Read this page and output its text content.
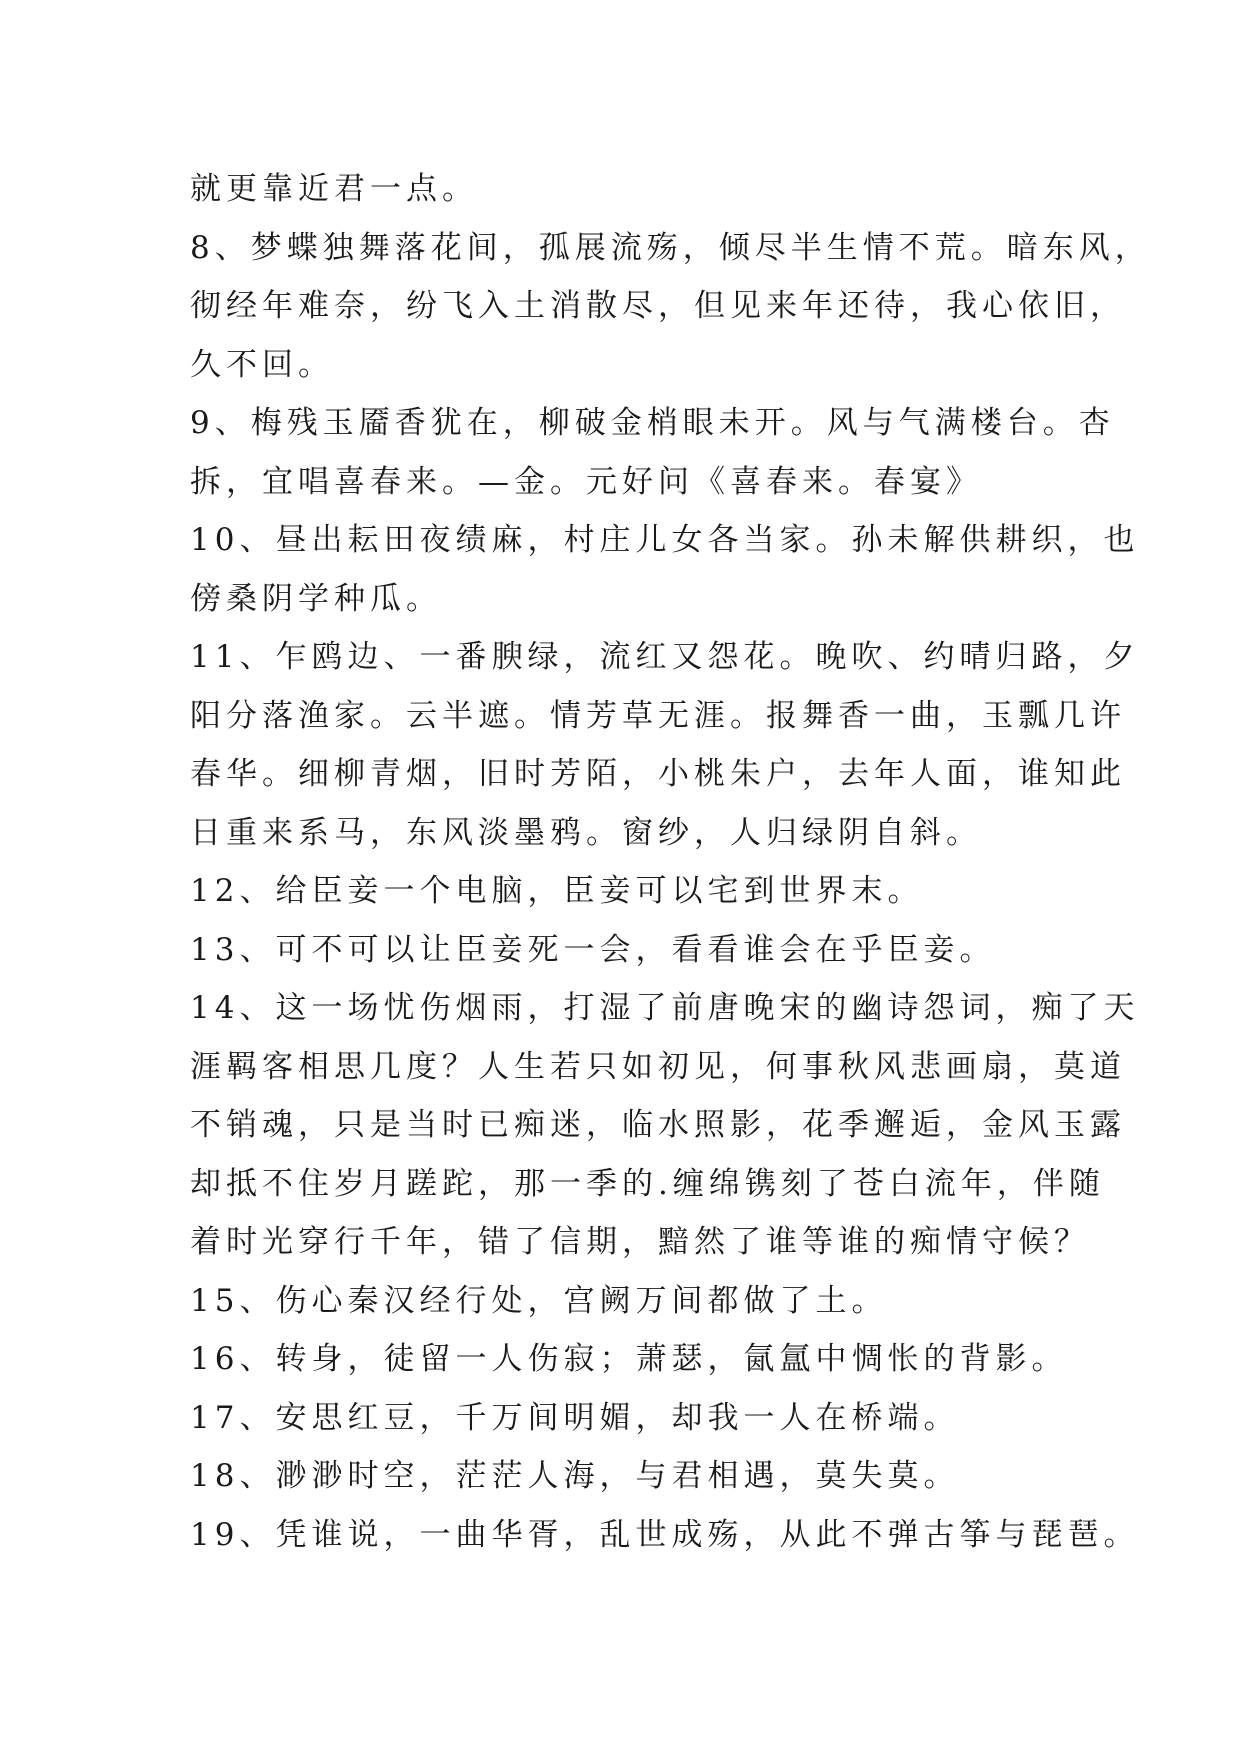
就更靠近君一点。
8、梦蝶独舞落花间，孤展流殇，倾尽半生情不荒。暗东风，
彻经年难奈，纷飞入土消散尽，但见来年还待，我心依旧，
久不回。
9、梅残玉靥香犹在，柳破金梢眼未开。风与气满楼台。杏
拆，宜唱喜春来。—金。元好问《喜春来。春宴》
10、昼出耘田夜绩麻，村庄儿女各当家。孙未解供耕织，也
傍桑阴学种瓜。
11、乍鸥边、一番腴绿，流红又怨花。晚吹、约晴归路，夕
阳分落渔家。云半遮。情芳草无涯。报舞香一曲，玉瓢几许
春华。细柳青烟，旧时芳陌，小桃朱户，去年人面，谁知此
日重来系马，东风淡墨鸦。窗纱，人归绿阴自斜。
12、给臣妾一个电脑，臣妾可以宅到世界末。
13、可不可以让臣妾死一会，看看谁会在乎臣妾。
14、这一场忧伤烟雨，打湿了前唐晚宋的幽诗怨词，痴了天
涯羁客相思几度？人生若只如初见，何事秋风悲画扇，莫道
不销魂，只是当时已痴迷，临水照影，花季邂逅，金风玉露
却抵不住岁月蹉跎，那一季的.缠绵镌刻了苍白流年，伴随
着时光穿行千年，错了信期，黯然了谁等谁的痴情守候？
15、伤心秦汉经行处，宫阙万间都做了土。
16、转身，徒留一人伤寂；萧瑟，氤氲中惆怅的背影。
17、安思红豆，千万间明媚，却我一人在桥端。
18、渺渺时空，茫茫人海，与君相遇，莫失莫。
19、凭谁说，一曲华胥，乱世成殇，从此不弹古筝与琵琶。
